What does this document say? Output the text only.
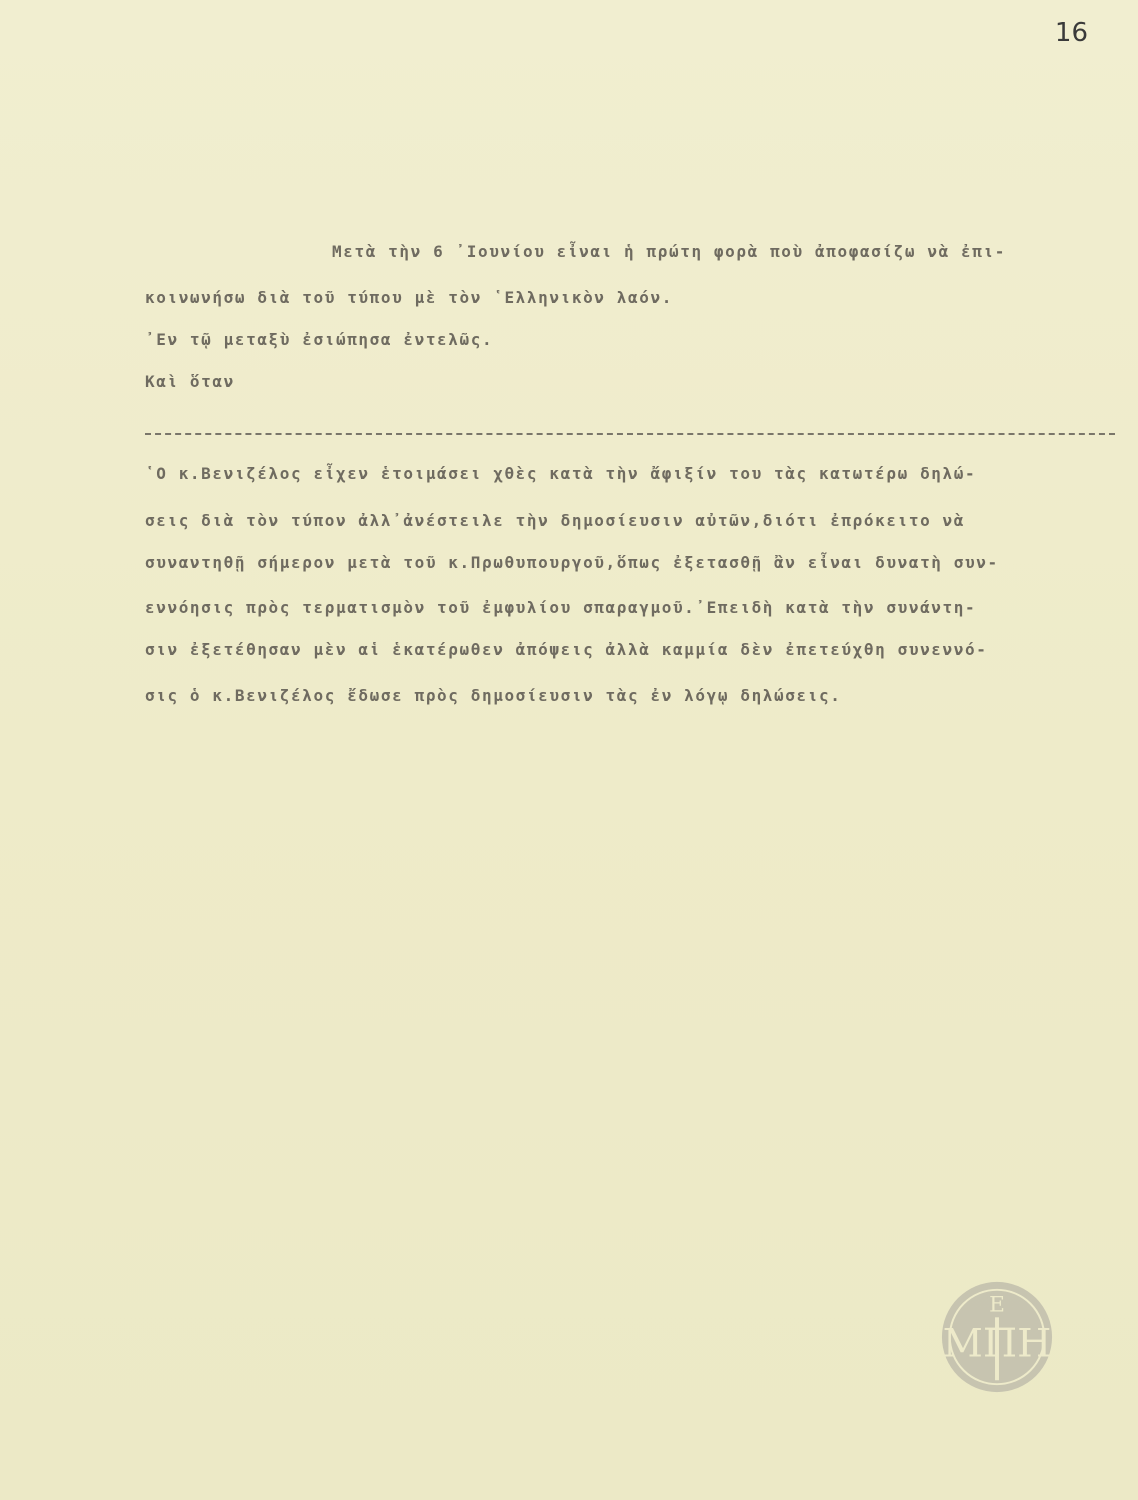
16
Μετὰ τὴν 6 ᾽Ιουνίου εἶναι ἡ πρώτη φορὰ ποὺ ἀποφασίζω νὰ ἐπι-
κοινωνήσω διὰ τοῦ τύπου μὲ τὸν ῾Ελληνικὸν λαόν.
᾽Εν τῷ μεταξὺ ἐσιώπησα ἐντελῶς.
Καὶ ὅταν
῾Ο κ.Βενιζέλος εἶχεν ἑτοιμάσει χθὲς κατὰ τὴν ἄφιξίν του τὰς κατωτέρω δηλώ-
σεις διὰ τὸν τύπον ἀλλ᾽ἀνέστειλε τὴν δημοσίευσιν αὐτῶν,διότι ἐπρόκειτο νὰ
συναντηθῇ σήμερον μετὰ τοῦ κ.Πρωθυπουργοῦ,ὅπως ἐξετασθῇ ἂν εἶναι δυνατὴ συν-
εννόησις πρὸς τερματισμὸν τοῦ ἐμφυλίου σπαραγμοῦ.᾽Επειδὴ κατὰ τὴν συνάντη-
σιν ἐξετέθησαν μὲν αἱ ἑκατέρωθεν ἀπόψεις ἀλλὰ καμμία δὲν ἐπετεύχθη συνεννό-
σις ὁ κ.Βενιζέλος ἔδωσε πρὸς δημοσίευσιν τὰς ἐν λόγῳ δηλώσεις.
Ε
ΜΠΗ
